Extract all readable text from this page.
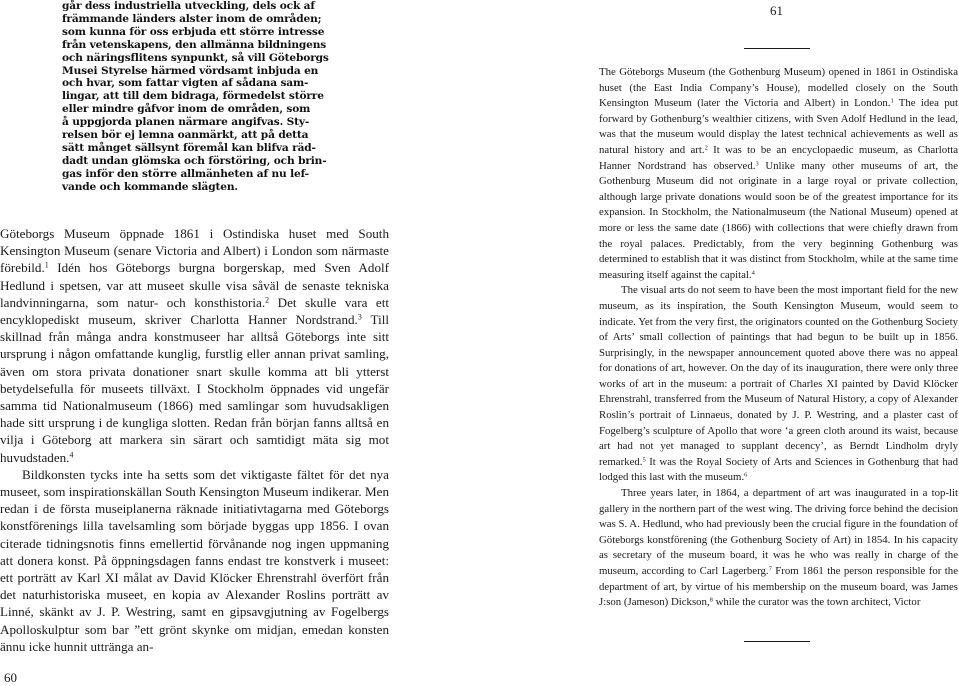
går dess industriella utveckling, dels ock af
främmande länders alster inom de områden;
som kunna för oss erbjuda ett större intresse
från vetenskapens, den allmänna bildningens
och näringsflitens synpunkt, så vill Göteborgs
Musei Styrelse härmed vördsamt inbjuda en
och hvar, som fattar vigten af sådana sam-
lingar, att till dem bidraga, förmedelst större
eller mindre gåfvor inom de områden, som
å uppgjorda planen närmare angifvas. Sty-
relsen bör ej lemna oanmärkt, att på detta
sätt månget sällsynt föremål kan blifva räd-
dadt undan glömska och förstöring, och brin-
gas inför den större allmänheten af nu lef-
vande och kommande slägten.

Göteborgs Museum öppnade 1861 i Ostindiska huset med South Kensington Museum (senare Victoria and Albert) i London som närmaste förebild.$^1$ Idén hos Göteborgs burgna borgerskap, med Sven Adolf Hedlund i spetsen, var att museet skulle visa såväl de senaste tekniska landvinningarna, som natur- och konsthistoria.$^2$ Det skulle vara ett encyklopediskt museum, skriver Charlotta Hanner Nordstrand.$^3$ Till skillnad från många andra konstmuseer har alltså Göteborgs inte sitt ursprung i någon omfattande kunglig, furstlig eller annan privat samling, även om stora privata donationer snart skulle komma att bli ytterst betydelsefulla för museets tillväxt. I Stockholm öppnades vid ungefär samma tid Nationalmuseum (1866) med samlingar som huvudsakligen hade sitt ursprung i de kungliga slotten. Redan från början fanns alltså en vilja i Göteborg att markera sin särart och samtidigt mäta sig mot huvudstaden.$^4$

Bildkonsten tycks inte ha setts som det viktigaste fältet för det nya museet, som inspirationskällan South Kensington Museum indikerar. Men redan i de första museiplanerna räknade initiativtagarna med Göteborgs konstförenings lilla tavelsamling som började byggas upp 1856. I ovan citerade tidningsnotis finns emellertid förvånande nog ingen uppmaning att donera konst. På öppningsdagen fanns endast tre konstverk i museet: ett porträtt av Karl XI målat av David Klöcker Ehrenstrahl överfört från det naturhistoriska museet, en kopia av Alexander Roslins porträtt av Linné, skänkt av J. P. Westring, samt en gipsavgjutning av Fogelbergs Apolloskulptur som bar ”ett grönt skynke om midjan, emedan konsten ännu icke hunnit uttränga an-

60
61

The Göteborgs Museum (the Gothenburg Museum) opened in 1861 in Ostindiska huset (the East India Company’s House), modelled closely on the South Kensington Museum (later the Victoria and Albert) in London.$^1$ The idea put forward by Gothenburg’s wealthier citizens, with Sven Adolf Hedlund in the lead, was that the museum would display the latest technical achievements as well as natural history and art.$^2$ It was to be an encyclopaedic museum, as Charlotta Hanner Nordstrand has observed.$^3$ Unlike many other museums of art, the Gothenburg Museum did not originate in a large royal or private collection, although large private donations would soon be of the greatest importance for its expansion. In Stockholm, the Nationalmuseum (the National Museum) opened at more or less the same date (1866) with collections that were chiefly drawn from the royal palaces. Predictably, from the very beginning Gothenburg was determined to establish that it was distinct from Stockholm, while at the same time measuring itself against the capital.$^4$

The visual arts do not seem to have been the most important field for the new museum, as its inspiration, the South Kensington Museum, would seem to indicate. Yet from the very first, the originators counted on the Gothenburg Society of Arts’ small collection of paintings that had begun to be built up in 1856. Surprisingly, in the newspaper announcement quoted above there was no appeal for donations of art, however. On the day of its inauguration, there were only three works of art in the museum: a portrait of Charles XI painted by David Klöcker Ehrenstrahl, transferred from the Museum of Natural History, a copy of Alexander Roslin’s portrait of Linnaeus, donated by J. P. Westring, and a plaster cast of Fogelberg’s sculpture of Apollo that wore ‘a green cloth around its waist, because art had not yet managed to supplant decency’, as Berndt Lindholm dryly remarked.$^5$ It was the Royal Society of Arts and Sciences in Gothenburg that had lodged this last with the museum.$^6$

Three years later, in 1864, a department of art was inaugurated in a top-lit gallery in the northern part of the west wing. The driving force behind the decision was S. A. Hedlund, who had previously been the crucial figure in the foundation of Göteborgs konstförening (the Gothenburg Society of Art) in 1854. In his capacity as secretary of the museum board, it was he who was really in charge of the museum, according to Carl Lagerberg.$^7$ From 1861 the person responsible for the department of art, by virtue of his membership on the museum board, was James J:son (Jameson) Dickson,$^8$ while the curator was the town architect, Victor
